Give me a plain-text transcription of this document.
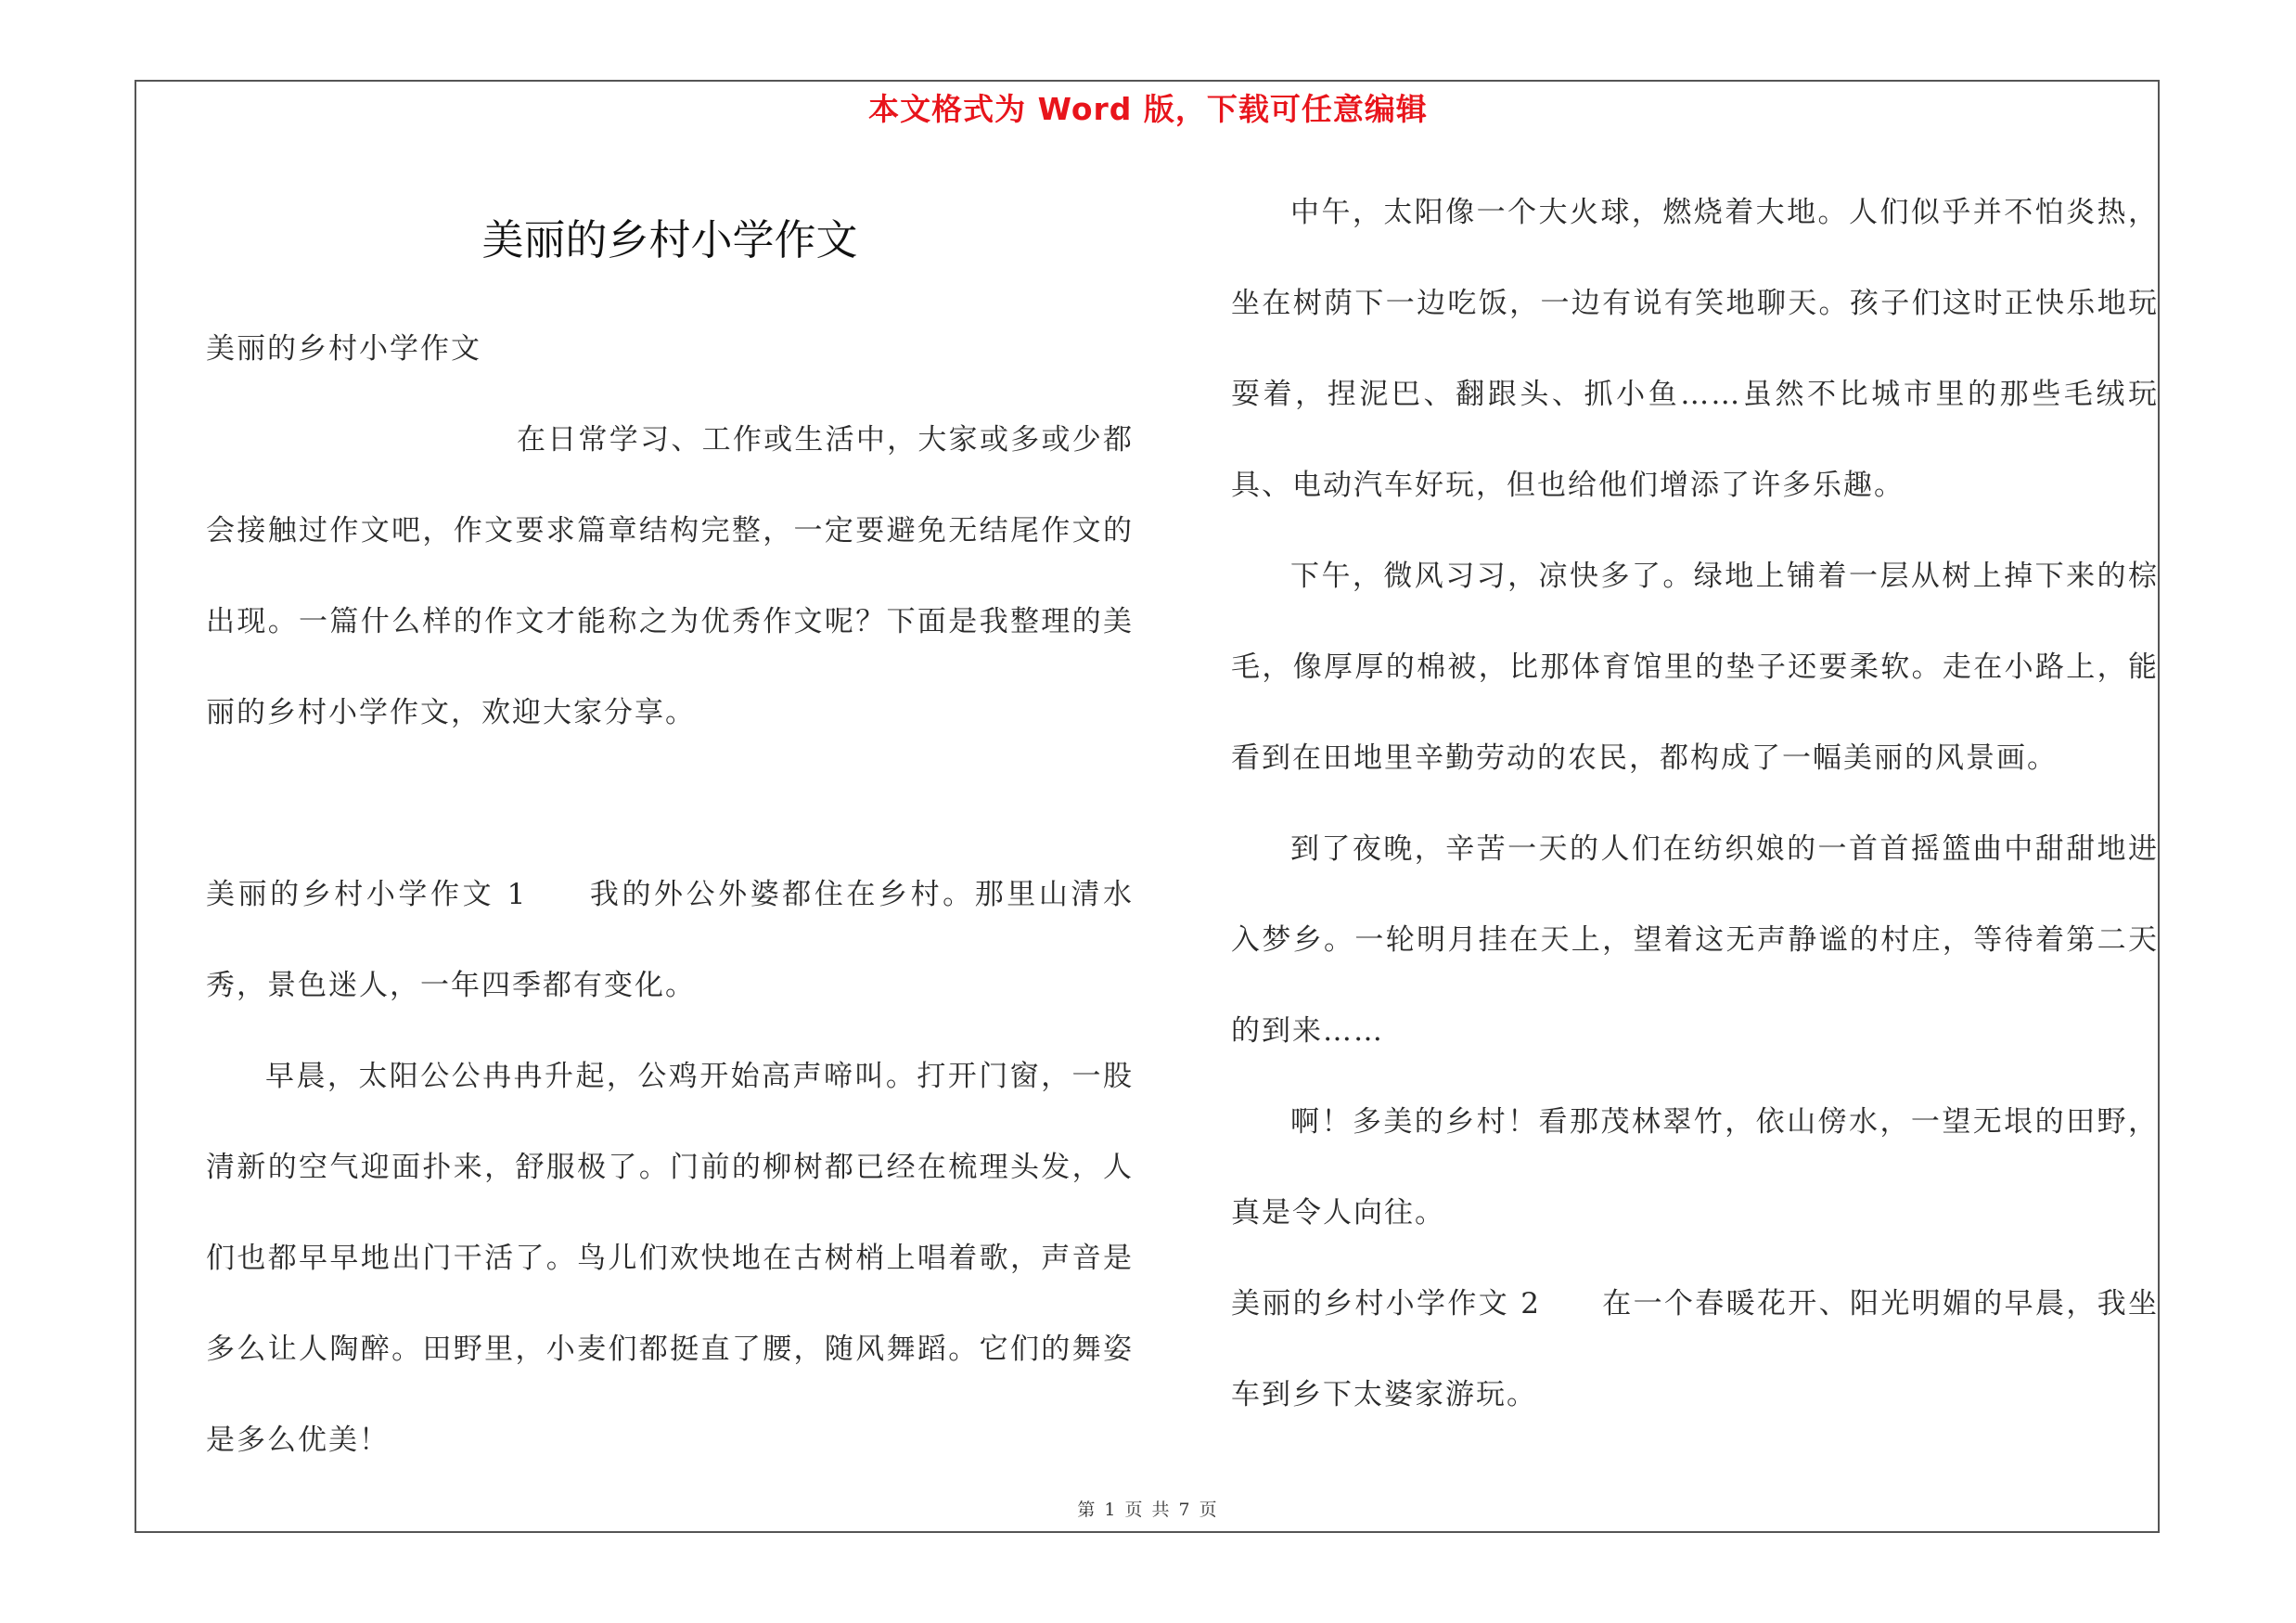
本文格式为 Word 版，下载可任意编辑
美丽的乡村小学作文

美丽的乡村小学作文

在日常学习、工作或生活中，大家或多或少都会接触过作文吧，作文要求篇章结构完整，一定要避免无结尾作文的出现。一篇什么样的作文才能称之为优秀作文呢？下面是我整理的美丽的乡村小学作文，欢迎大家分享。

美丽的乡村小学作文 1 我的外公外婆都住在乡村。那里山清水秀，景色迷人，一年四季都有变化。

早晨，太阳公公冉冉升起，公鸡开始高声啼叫。打开门窗，一股清新的空气迎面扑来，舒服极了。门前的柳树都已经在梳理头发，人们也都早早地出门干活了。鸟儿们欢快地在古树梢上唱着歌，声音是多么让人陶醉。田野里，小麦们都挺直了腰，随风舞蹈。它们的舞姿是多么优美！

中午，太阳像一个大火球，燃烧着大地。人们似乎并不怕炎热，坐在树荫下一边吃饭，一边有说有笑地聊天。孩子们这时正快乐地玩耍着，捏泥巴、翻跟头、抓小鱼……虽然不比城市里的那些毛绒玩具、电动汽车好玩，但也给他们增添了许多乐趣。

下午，微风习习，凉快多了。绿地上铺着一层从树上掉下来的棕毛，像厚厚的棉被，比那体育馆里的垫子还要柔软。走在小路上，能看到在田地里辛勤劳动的农民，都构成了一幅美丽的风景画。

到了夜晚，辛苦一天的人们在纺织娘的一首首摇篮曲中甜甜地进入梦乡。一轮明月挂在天上，望着这无声静谧的村庄，等待着第二天的到来……

啊！多美的乡村！看那茂林翠竹，依山傍水，一望无垠的田野，真是令人向往。

美丽的乡村小学作文 2 在一个春暖花开、阳光明媚的早晨，我坐车到乡下太婆家游玩。

第 1 页 共 7 页
